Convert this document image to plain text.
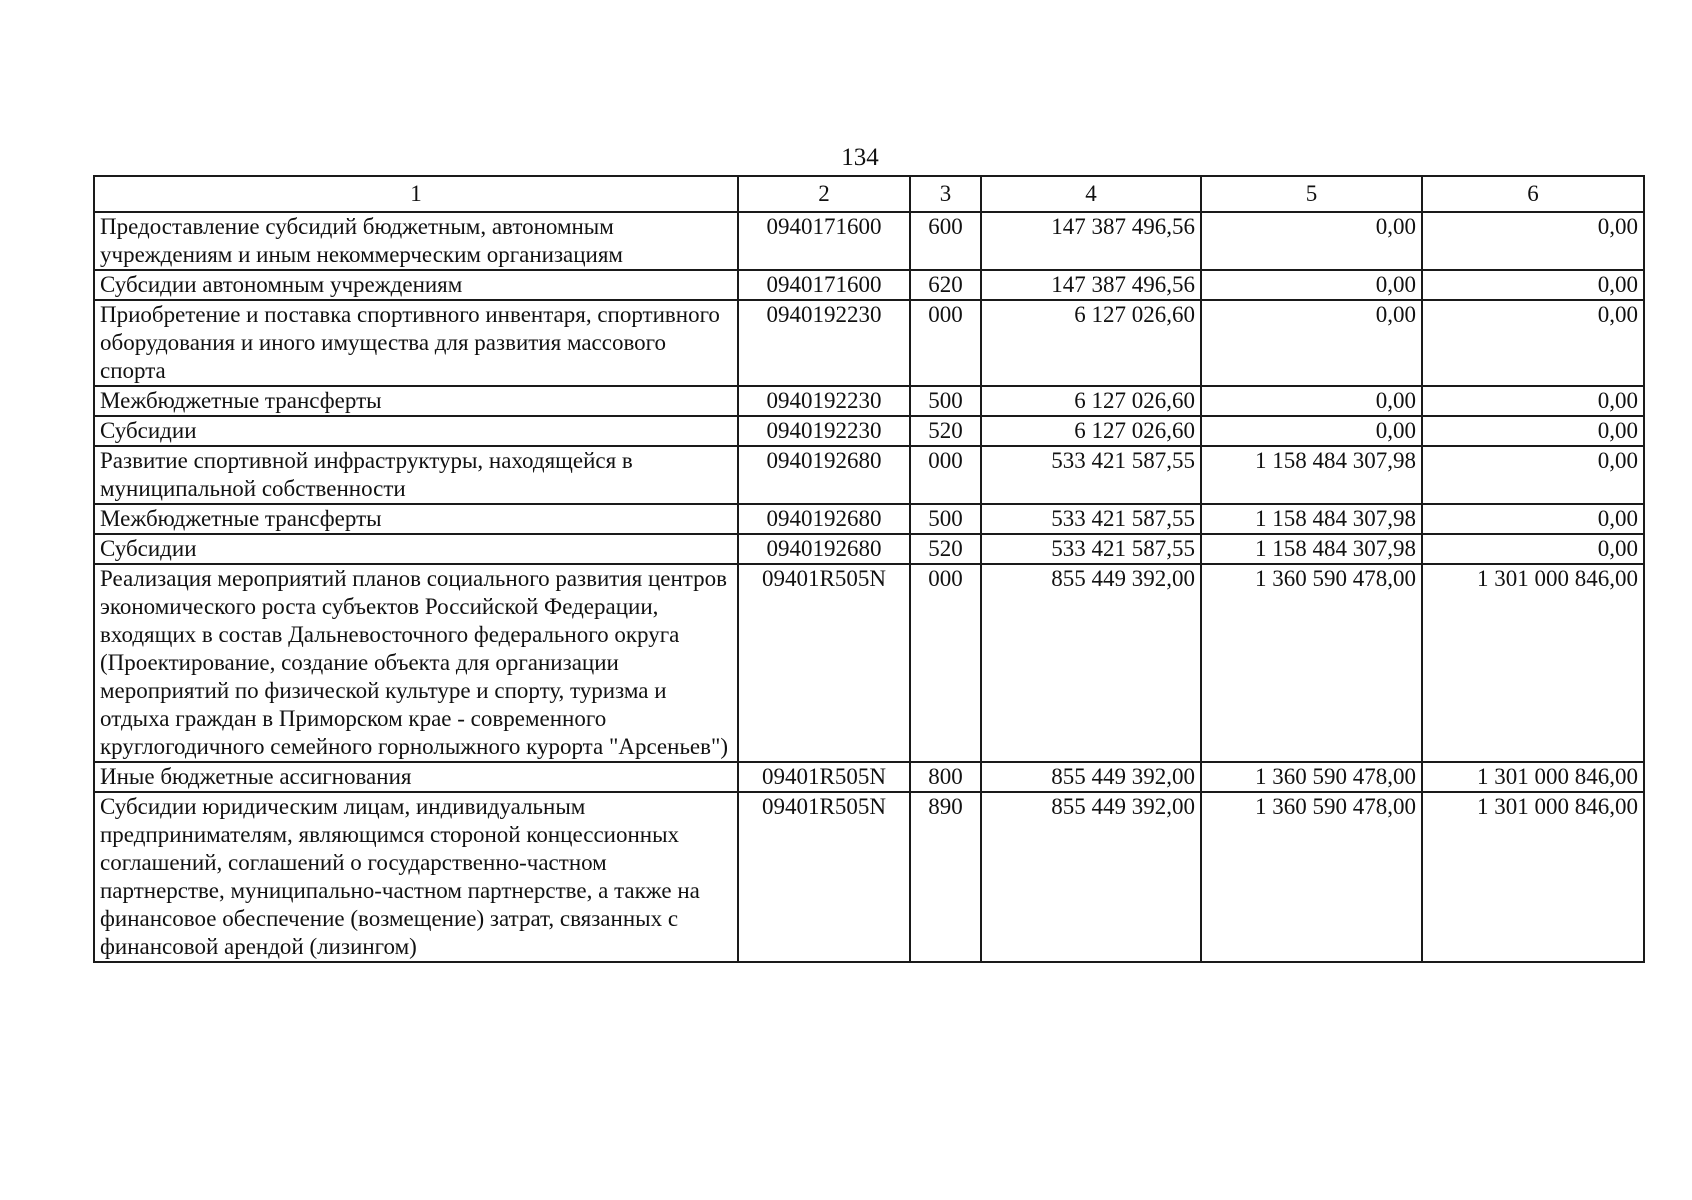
134
1	2	3	4	5	6
Предоставление субсидий бюджетным, автономным учреждениям и иным некоммерческим организациям	0940171600	600	147 387 496,56	0,00	0,00
Субсидии автономным учреждениям	0940171600	620	147 387 496,56	0,00	0,00
Приобретение и поставка спортивного инвентаря, спортивного оборудования и иного имущества для развития массового спорта	0940192230	000	6 127 026,60	0,00	0,00
Межбюджетные трансферты	0940192230	500	6 127 026,60	0,00	0,00
Субсидии	0940192230	520	6 127 026,60	0,00	0,00
Развитие спортивной инфраструктуры, находящейся в муниципальной собственности	0940192680	000	533 421 587,55	1 158 484 307,98	0,00
Межбюджетные трансферты	0940192680	500	533 421 587,55	1 158 484 307,98	0,00
Субсидии	0940192680	520	533 421 587,55	1 158 484 307,98	0,00
Реализация мероприятий планов социального развития центров экономического роста субъектов Российской Федерации, входящих в состав Дальневосточного федерального округа (Проектирование, создание объекта для организации мероприятий по физической культуре и спорту, туризма и отдыха граждан в Приморском крае - современного круглогодичного семейного горнолыжного курорта "Арсеньев")	09401R505N	000	855 449 392,00	1 360 590 478,00	1 301 000 846,00
Иные бюджетные ассигнования	09401R505N	800	855 449 392,00	1 360 590 478,00	1 301 000 846,00
Субсидии юридическим лицам, индивидуальным предпринимателям, являющимся стороной концессионных соглашений, соглашений о государственно-частном партнерстве, муниципально-частном партнерстве, а также на финансовое обеспечение (возмещение) затрат, связанных с финансовой арендой (лизингом)	09401R505N	890	855 449 392,00	1 360 590 478,00	1 301 000 846,00
